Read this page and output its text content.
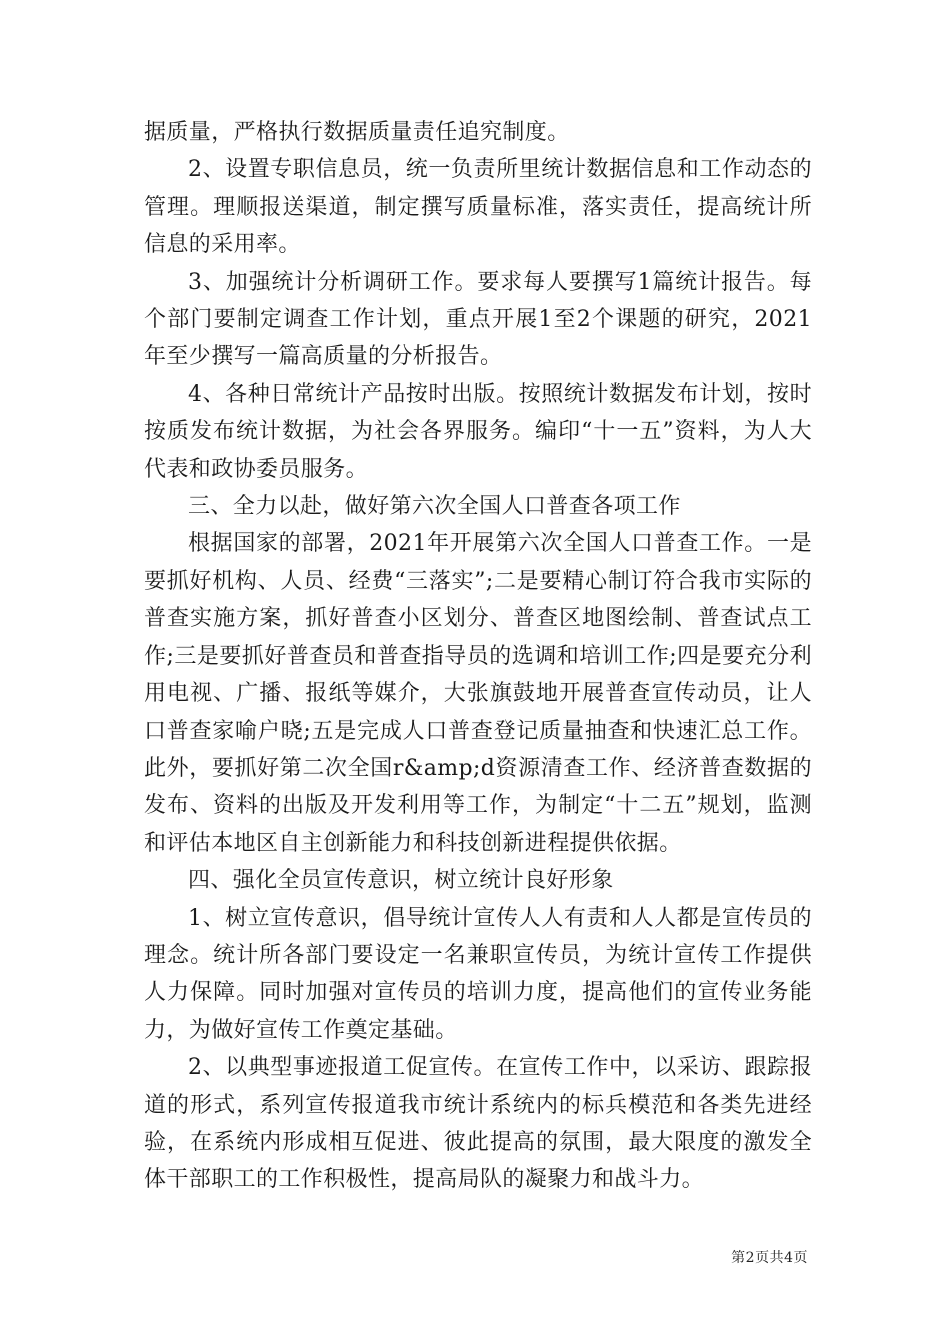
据质量，严格执行数据质量责任追究制度。

2、设置专职信息员，统一负责所里统计数据信息和工作动态的管理。理顺报送渠道，制定撰写质量标准，落实责任，提高统计所信息的采用率。

3、加强统计分析调研工作。要求每人要撰写1篇统计报告。每个部门要制定调查工作计划，重点开展1至2个课题的研究，2021年至少撰写一篇高质量的分析报告。

4、各种日常统计产品按时出版。按照统计数据发布计划，按时按质发布统计数据，为社会各界服务。编印“十一五”资料，为人大代表和政协委员服务。

三、全力以赴，做好第六次全国人口普查各项工作

根据国家的部署，2021年开展第六次全国人口普查工作。一是要抓好机构、人员、经费“三落实”;二是要精心制订符合我市实际的普查实施方案，抓好普查小区划分、普查区地图绘制、普查试点工作;三是要抓好普查员和普查指导员的选调和培训工作;四是要充分利用电视、广播、报纸等媒介，大张旗鼓地开展普查宣传动员，让人口普查家喻户晓;五是完成人口普查登记质量抽查和快速汇总工作。此外，要抓好第二次全国r&amp;d资源清查工作、经济普查数据的发布、资料的出版及开发利用等工作，为制定“十二五”规划，监测和评估本地区自主创新能力和科技创新进程提供依据。

四、强化全员宣传意识，树立统计良好形象

1、树立宣传意识，倡导统计宣传人人有责和人人都是宣传员的理念。统计所各部门要设定一名兼职宣传员，为统计宣传工作提供人力保障。同时加强对宣传员的培训力度，提高他们的宣传业务能力，为做好宣传工作奠定基础。

2、以典型事迹报道工促宣传。在宣传工作中，以采访、跟踪报道的形式，系列宣传报道我市统计系统内的标兵模范和各类先进经验，在系统内形成相互促进、彼此提高的氛围，最大限度的激发全体干部职工的工作积极性，提高局队的凝聚力和战斗力。

第2页共4页
